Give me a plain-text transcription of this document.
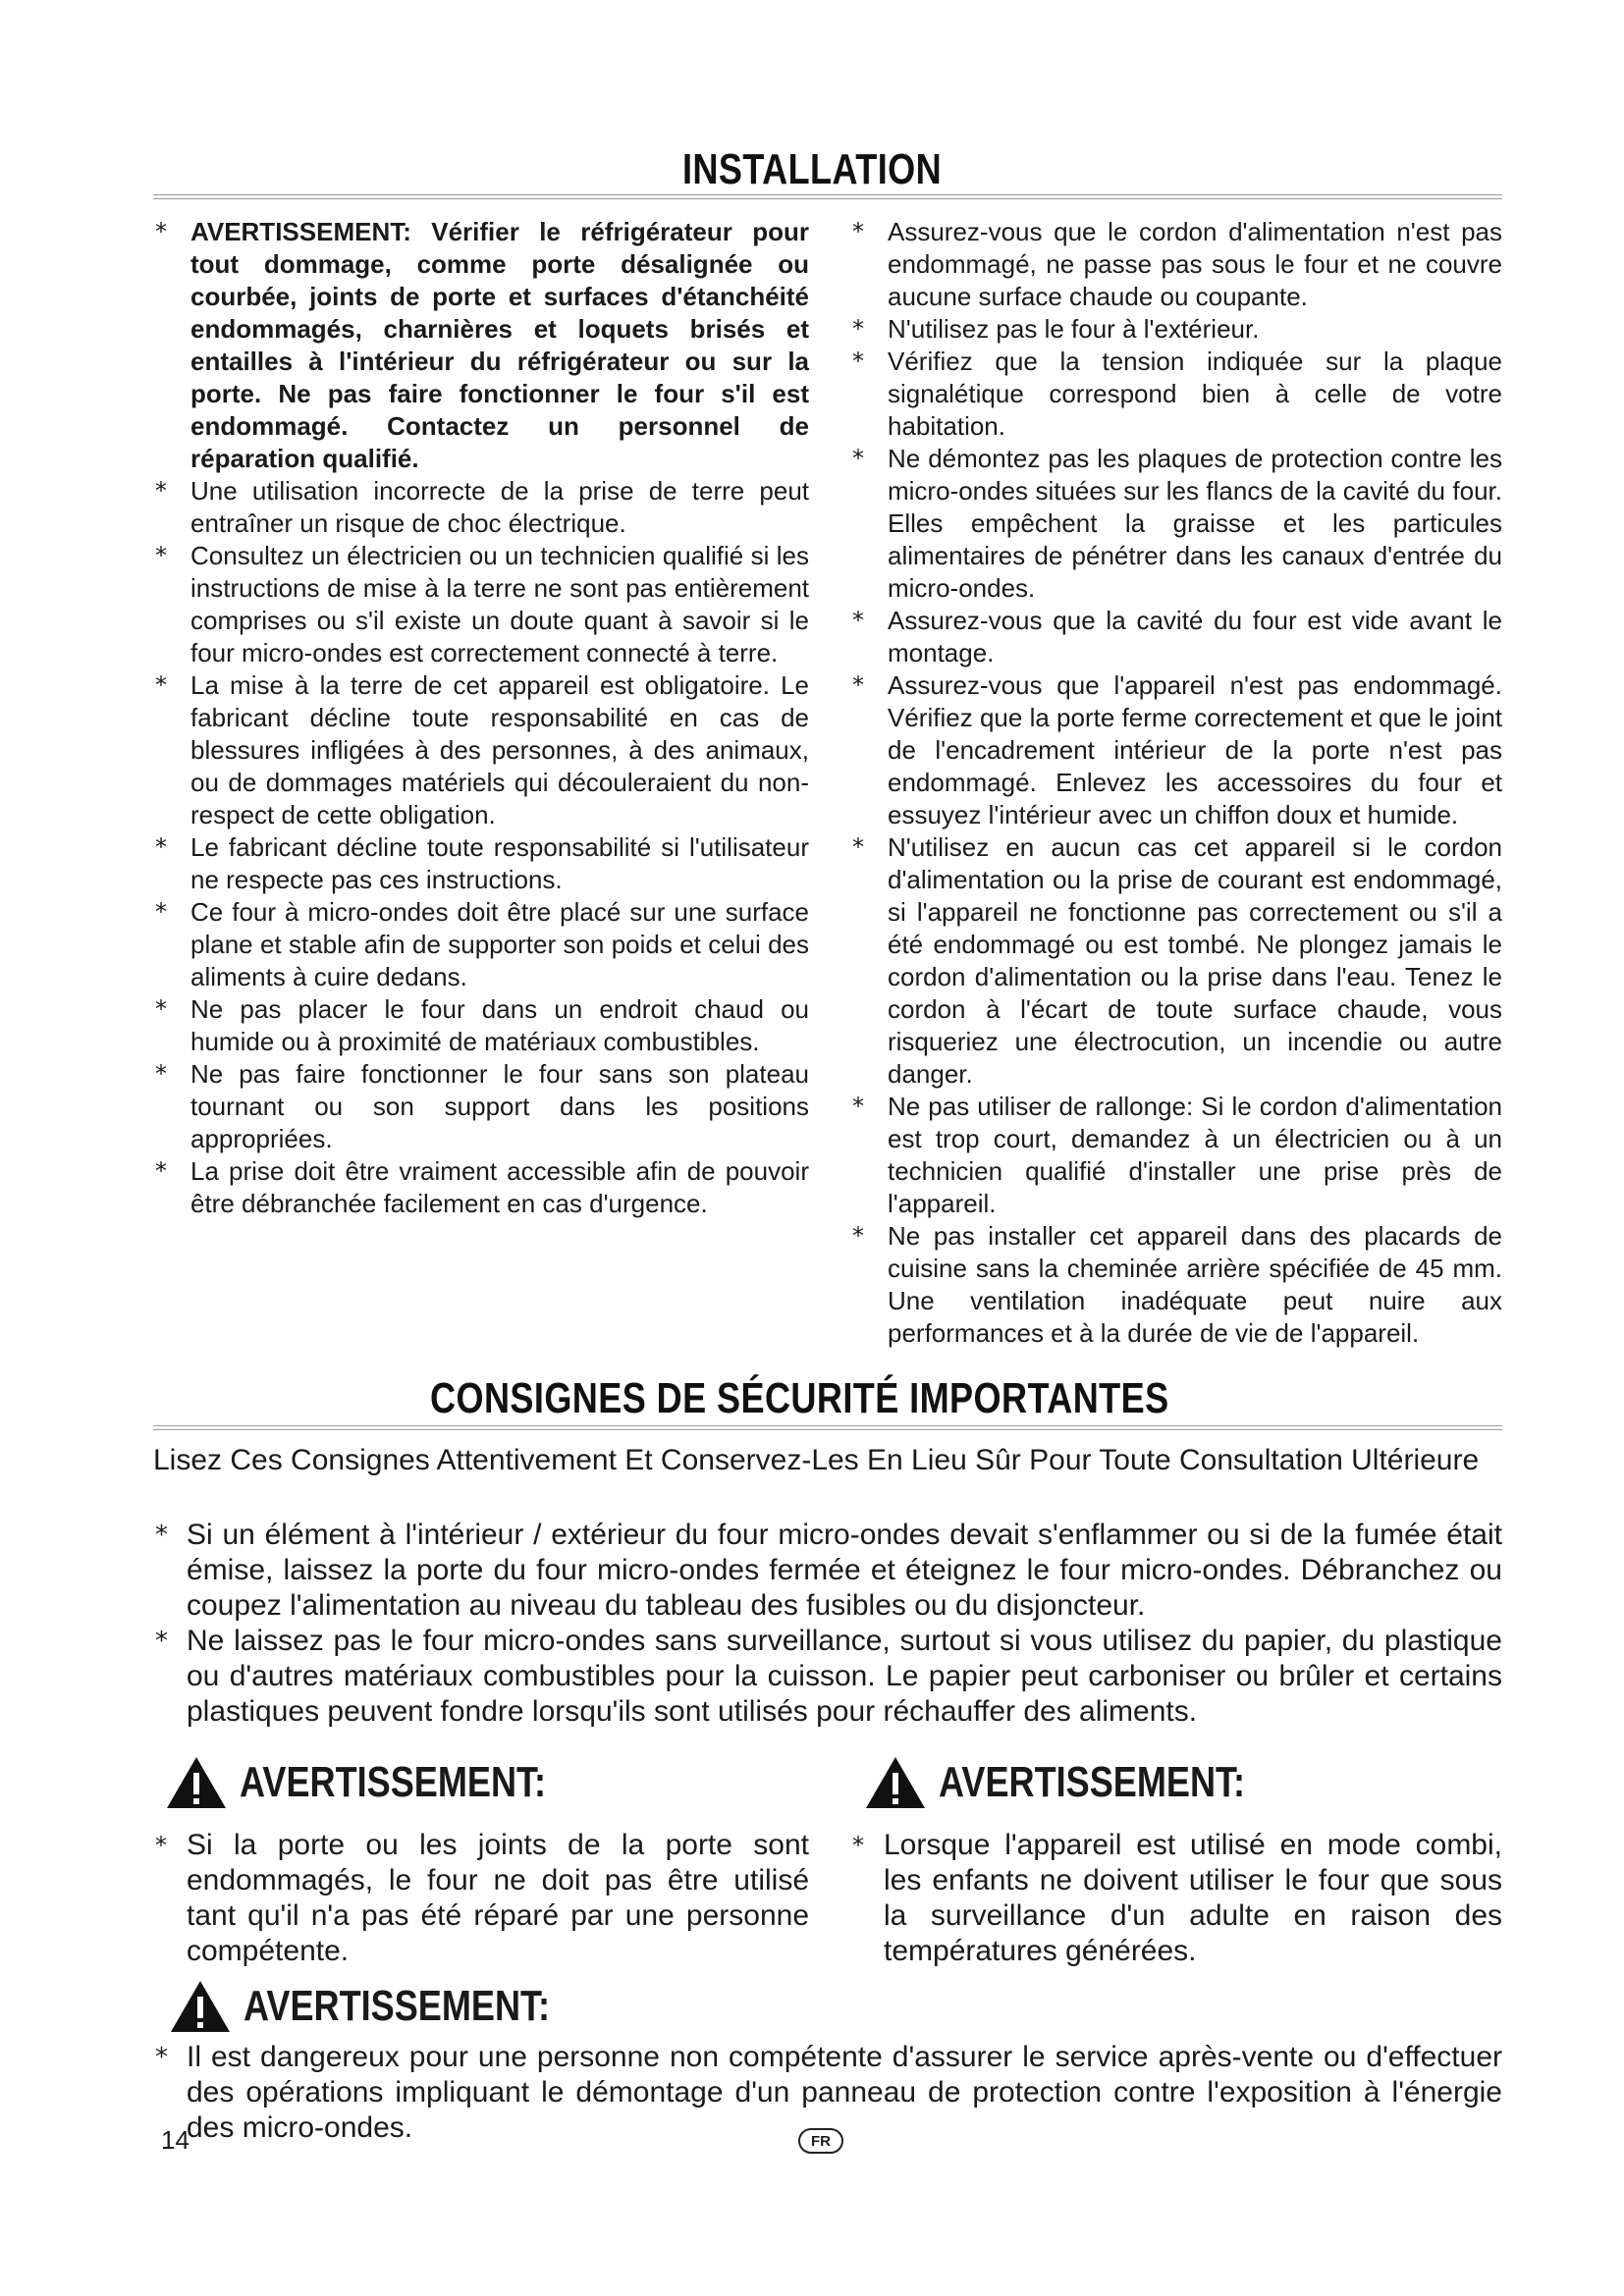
INSTALLATION
* AVERTISSEMENT: Vérifier le réfrigérateur pour tout dommage, comme porte désalignée ou courbée, joints de porte et surfaces d'étanchéité endommagés, charnières et loquets brisés et entailles à l'intérieur du réfrigérateur ou sur la porte. Ne pas faire fonctionner le four s'il est endommagé. Contactez un personnel de réparation qualifié.
* Une utilisation incorrecte de la prise de terre peut entraîner un risque de choc électrique.
* Consultez un électricien ou un technicien qualifié si les instructions de mise à la terre ne sont pas entièrement comprises ou s'il existe un doute quant à savoir si le four micro-ondes est correctement connecté à terre.
* La mise à la terre de cet appareil est obligatoire. Le fabricant décline toute responsabilité en cas de blessures infligées à des personnes, à des animaux, ou de dommages matériels qui découleraient du non-respect de cette obligation.
* Le fabricant décline toute responsabilité si l'utilisateur ne respecte pas ces instructions.
* Ce four à micro-ondes doit être placé sur une surface plane et stable afin de supporter son poids et celui des aliments à cuire dedans.
* Ne pas placer le four dans un endroit chaud ou humide ou à proximité de matériaux combustibles.
* Ne pas faire fonctionner le four sans son plateau tournant ou son support dans les positions appropriées.
* La prise doit être vraiment accessible afin de pouvoir être débranchée facilement en cas d'urgence.
* Assurez-vous que le cordon d'alimentation n'est pas endommagé, ne passe pas sous le four et ne couvre aucune surface chaude ou coupante.
* N'utilisez pas le four à l'extérieur.
* Vérifiez que la tension indiquée sur la plaque signalétique correspond bien à celle de votre habitation.
* Ne démontez pas les plaques de protection contre les micro-ondes situées sur les flancs de la cavité du four. Elles empêchent la graisse et les particules alimentaires de pénétrer dans les canaux d'entrée du micro-ondes.
* Assurez-vous que la cavité du four est vide avant le montage.
* Assurez-vous que l'appareil n'est pas endommagé. Vérifiez que la porte ferme correctement et que le joint de l'encadrement intérieur de la porte n'est pas endommagé. Enlevez les accessoires du four et essuyez l'intérieur avec un chiffon doux et humide.
* N'utilisez en aucun cas cet appareil si le cordon d'alimentation ou la prise de courant est endommagé, si l'appareil ne fonctionne pas correctement ou s'il a été endommagé ou est tombé. Ne plongez jamais le cordon d'alimentation ou la prise dans l'eau. Tenez le cordon à l'écart de toute surface chaude, vous risqueriez une électrocution, un incendie ou autre danger.
* Ne pas utiliser de rallonge: Si le cordon d'alimentation est trop court, demandez à un électricien ou à un technicien qualifié d'installer une prise près de l'appareil.
* Ne pas installer cet appareil dans des placards de cuisine sans la cheminée arrière spécifiée de 45 mm. Une ventilation inadéquate peut nuire aux performances et à la durée de vie de l'appareil.
CONSIGNES DE SÉCURITÉ IMPORTANTES
Lisez Ces Consignes Attentivement Et Conservez-Les En Lieu Sûr Pour Toute Consultation Ultérieure
* Si un élément à l'intérieur / extérieur du four micro-ondes devait s'enflammer ou si de la fumée était émise, laissez la porte du four micro-ondes fermée et éteignez le four micro-ondes. Débranchez ou coupez l'alimentation au niveau du tableau des fusibles ou du disjoncteur.
* Ne laissez pas le four micro-ondes sans surveillance, surtout si vous utilisez du papier, du plastique ou d'autres matériaux combustibles pour la cuisson. Le papier peut carboniser ou brûler et certains plastiques peuvent fondre lorsqu'ils sont utilisés pour réchauffer des aliments.
AVERTISSEMENT:
* Si la porte ou les joints de la porte sont endommagés, le four ne doit pas être utilisé tant qu'il n'a pas été réparé par une personne compétente.
AVERTISSEMENT:
* Lorsque l'appareil est utilisé en mode combi, les enfants ne doivent utiliser le four que sous la surveillance d'un adulte en raison des températures générées.
AVERTISSEMENT:
* Il est dangereux pour une personne non compétente d'assurer le service après-vente ou d'effectuer des opérations impliquant le démontage d'un panneau de protection contre l'exposition à l'énergie des micro-ondes.
14	FR
